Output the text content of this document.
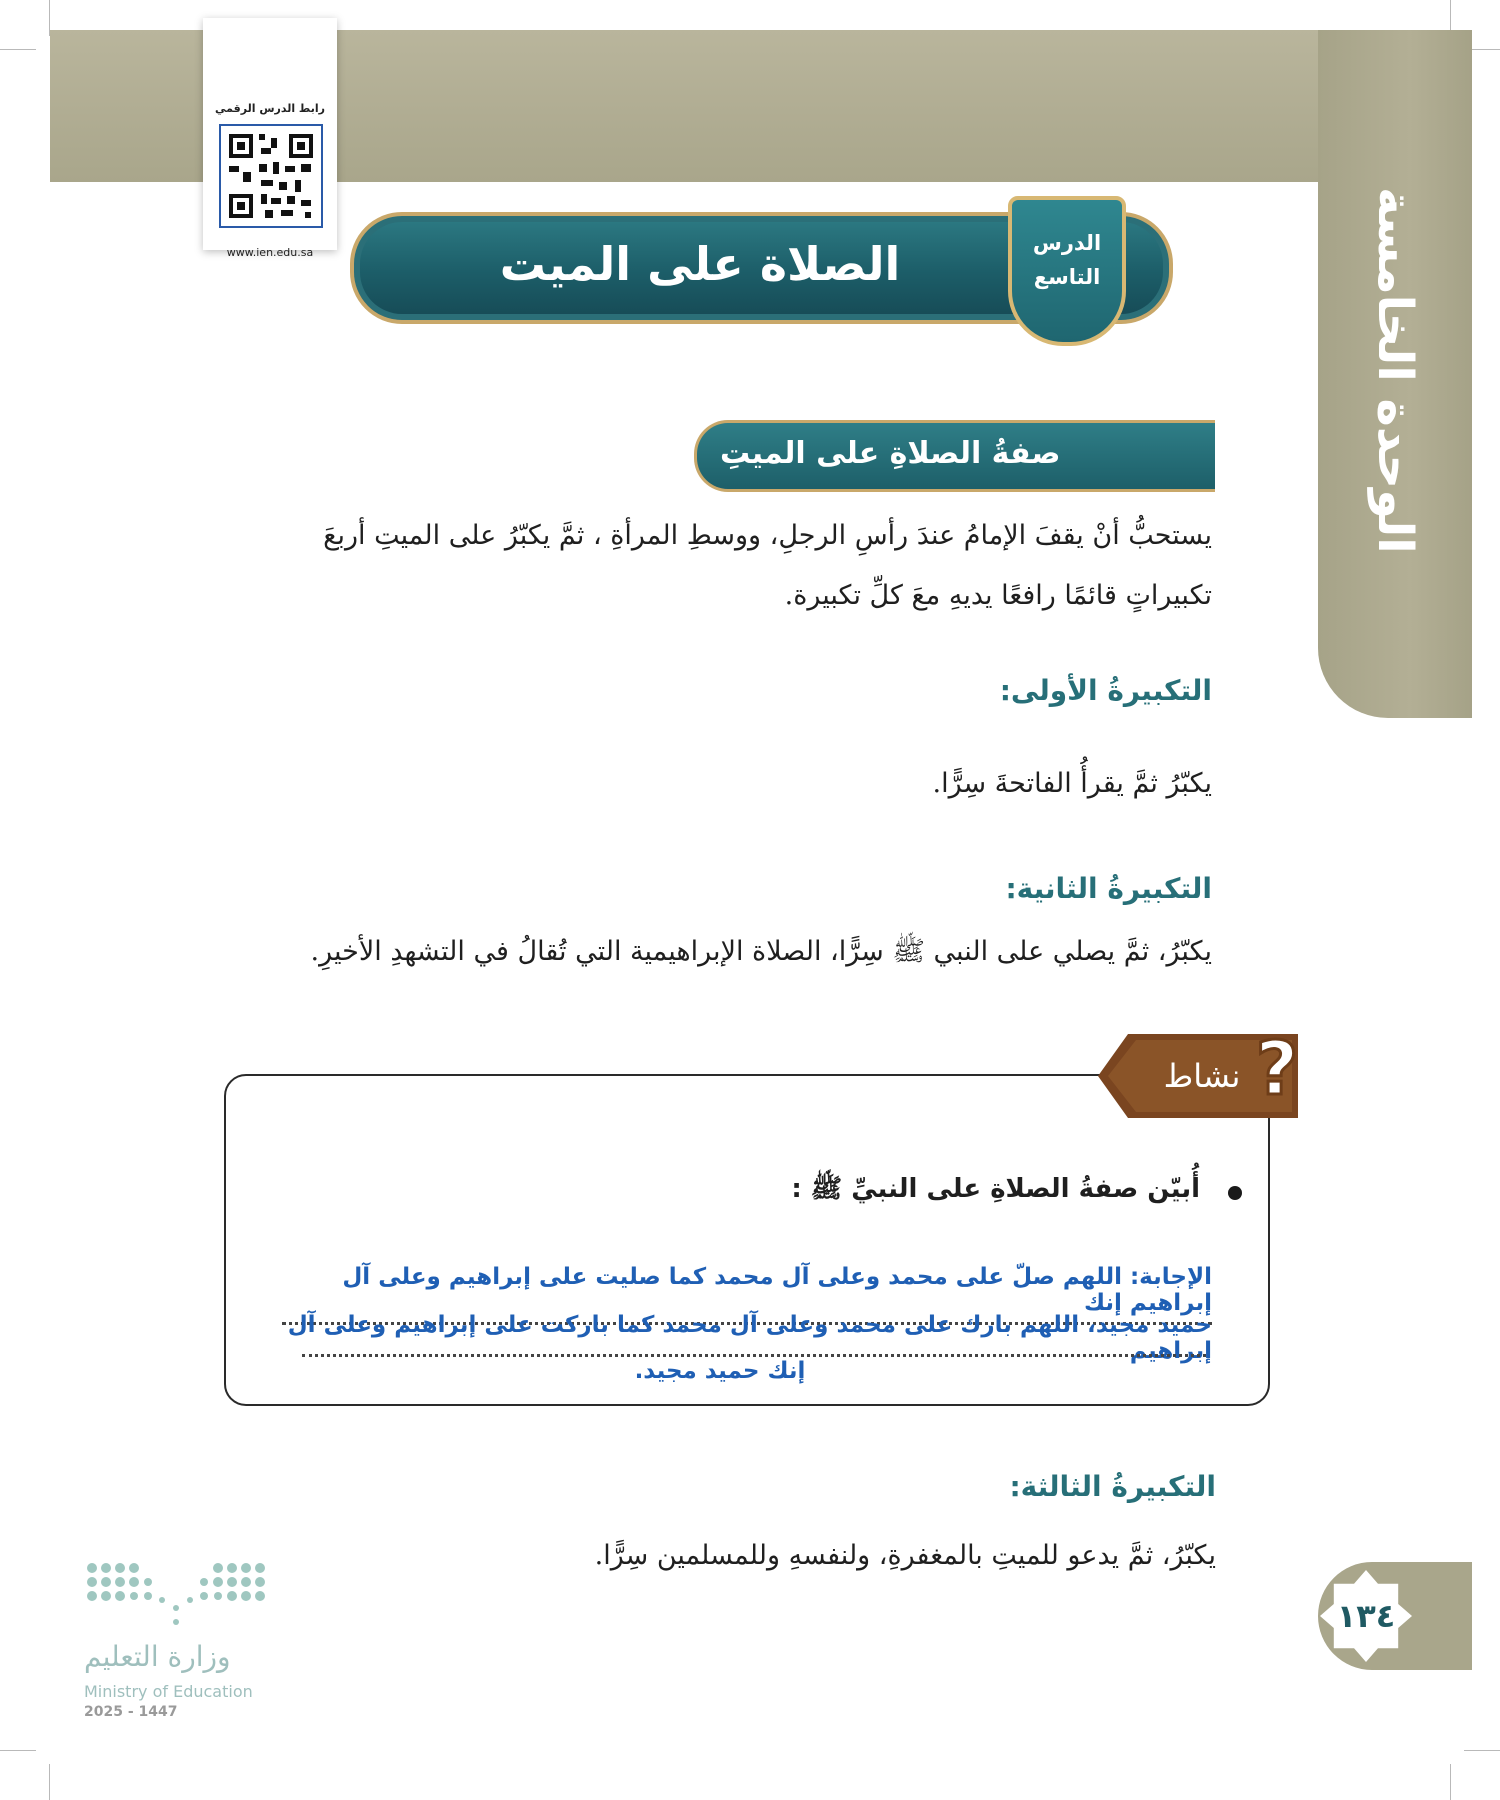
الوحدة الخامسة
رابط الدرس الرقمي
www.ien.edu.sa	الصلاة على الميت	الدرس
التاسع
صفةُ الصلاةِ على الميتِ
يستحبُّ أنْ يقفَ الإمامُ عندَ رأسِ الرجلِ، ووسطِ المرأةِ ، ثمَّ يكبّرُ على الميتِ أربعَ
تكبيراتٍ قائمًا رافعًا يديهِ معَ كلِّ تكبيرة.
التكبيرةُ الأولى:
يكبّرُ ثمَّ يقرأُ الفاتحةَ سِرًّا.
التكبيرةُ الثانية:
يكبّرُ، ثمَّ يصلي على النبي ﷺ سِرًّا، الصلاة الإبراهيمية التي تُقالُ في التشهدِ الأخيرِ.
نشاط ?
أُبيّن صفةُ الصلاةِ على النبيِّ ﷺ :
الإجابة: اللهم صلّ على محمد وعلى آل محمد كما صليت على إبراهيم وعلى آل إبراهيم إنك
حميد مجيد، اللهم بارك على محمد وعلى آل محمد كما باركت على إبراهيم وعلى آل إبراهيم
إنك حميد مجيد.
التكبيرةُ الثالثة:
يكبّرُ، ثمَّ يدعو للميتِ بالمغفرةِ، ولنفسهِ وللمسلمين سِرًّا.
١٣٤
وزارة التعليم
Ministry of Education
2025 - 1447
